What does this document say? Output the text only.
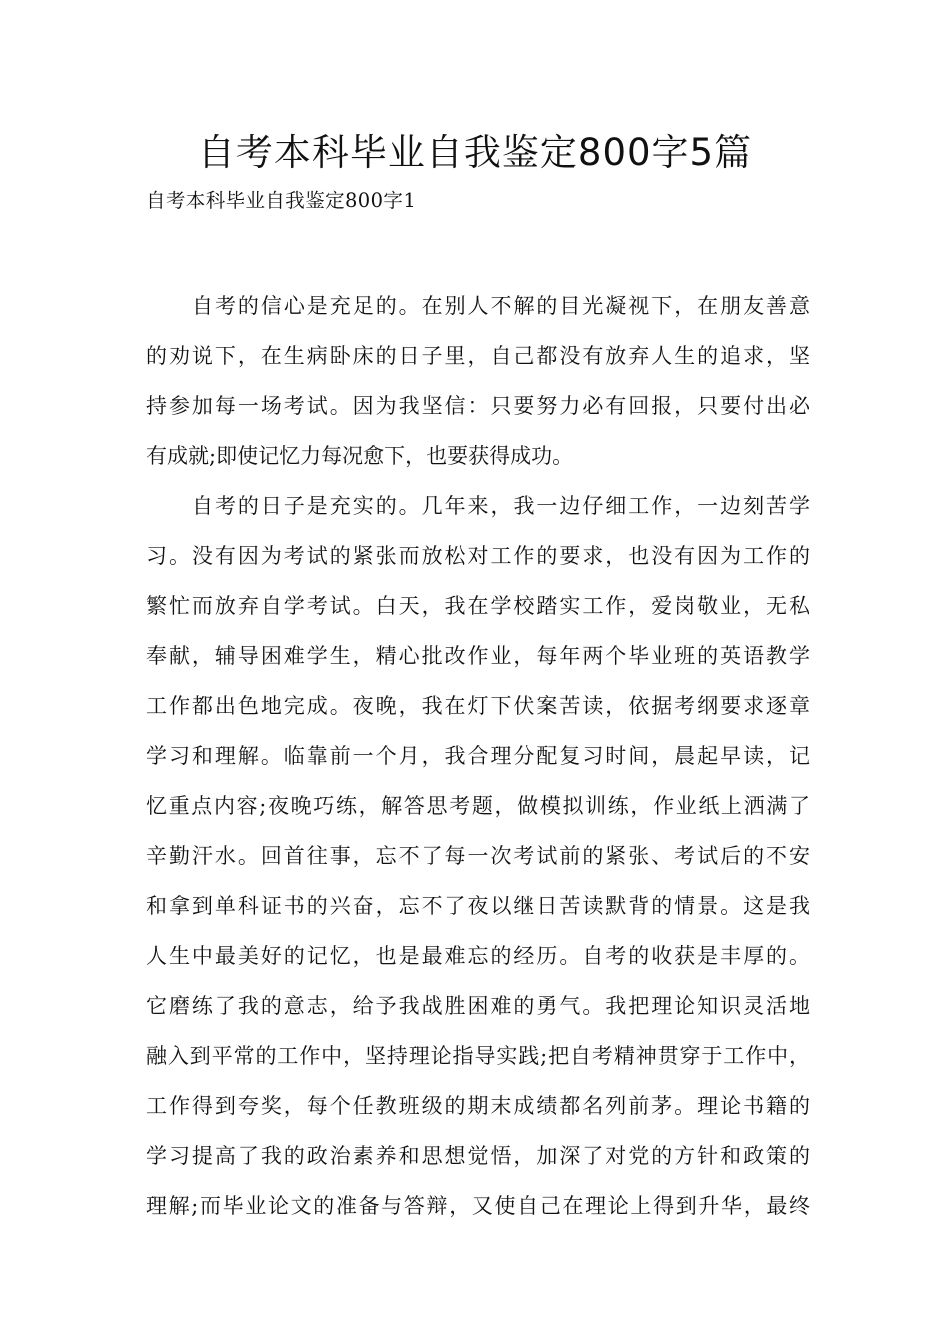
自考本科毕业自我鉴定800字5篇

自考本科毕业自我鉴定800字1

自考的信心是充足的。在别人不解的目光凝视下，在朋友善意
的劝说下，在生病卧床的日子里，自己都没有放弃人生的追求，坚
持参加每一场考试。因为我坚信：只要努力必有回报，只要付出必
有成就;即使记忆力每况愈下，也要获得成功。
自考的日子是充实的。几年来，我一边仔细工作，一边刻苦学
习。没有因为考试的紧张而放松对工作的要求，也没有因为工作的
繁忙而放弃自学考试。白天，我在学校踏实工作，爱岗敬业，无私
奉献，辅导困难学生，精心批改作业，每年两个毕业班的英语教学
工作都出色地完成。夜晚，我在灯下伏案苦读，依据考纲要求逐章
学习和理解。临靠前一个月，我合理分配复习时间，晨起早读，记
忆重点内容;夜晚巧练，解答思考题，做模拟训练，作业纸上洒满了
辛勤汗水。回首往事，忘不了每一次考试前的紧张、考试后的不安
和拿到单科证书的兴奋，忘不了夜以继日苦读默背的情景。这是我
人生中最美好的记忆，也是最难忘的经历。自考的收获是丰厚的。
它磨练了我的意志，给予我战胜困难的勇气。我把理论知识灵活地
融入到平常的工作中，坚持理论指导实践;把自考精神贯穿于工作中，
工作得到夸奖，每个任教班级的期末成绩都名列前茅。理论书籍的
学习提高了我的政治素养和思想觉悟，加深了对党的方针和政策的
理解;而毕业论文的准备与答辩，又使自己在理论上得到升华，最终
